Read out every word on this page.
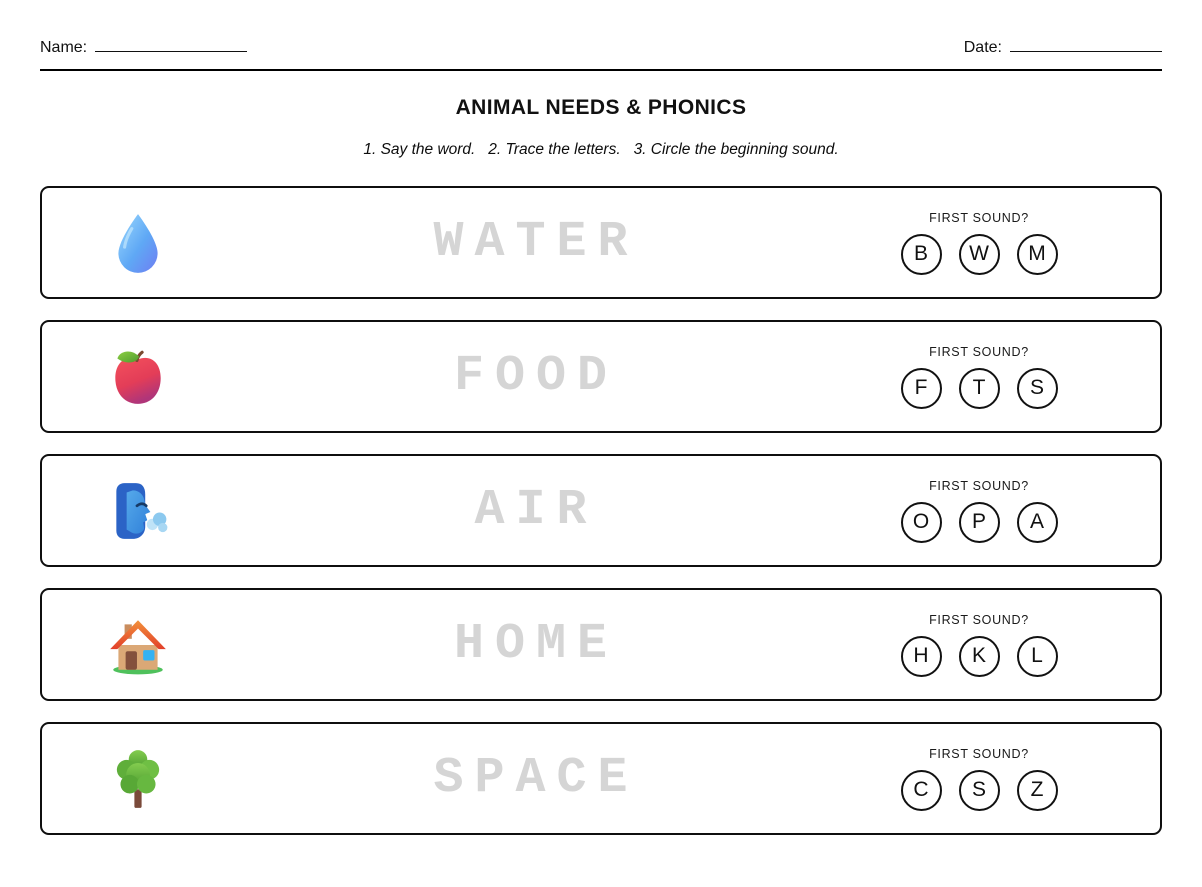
Name:	Date:
ANIMAL NEEDS & PHONICS
1. Say the word.   2. Trace the letters.   3. Circle the beginning sound.
WATER	FIRST SOUND?
B	W	M
FOOD	FIRST SOUND?
F	T	S
AIR	FIRST SOUND?
O	P	A
HOME	FIRST SOUND?
H	K	L
SPACE	FIRST SOUND?
C	S	Z
